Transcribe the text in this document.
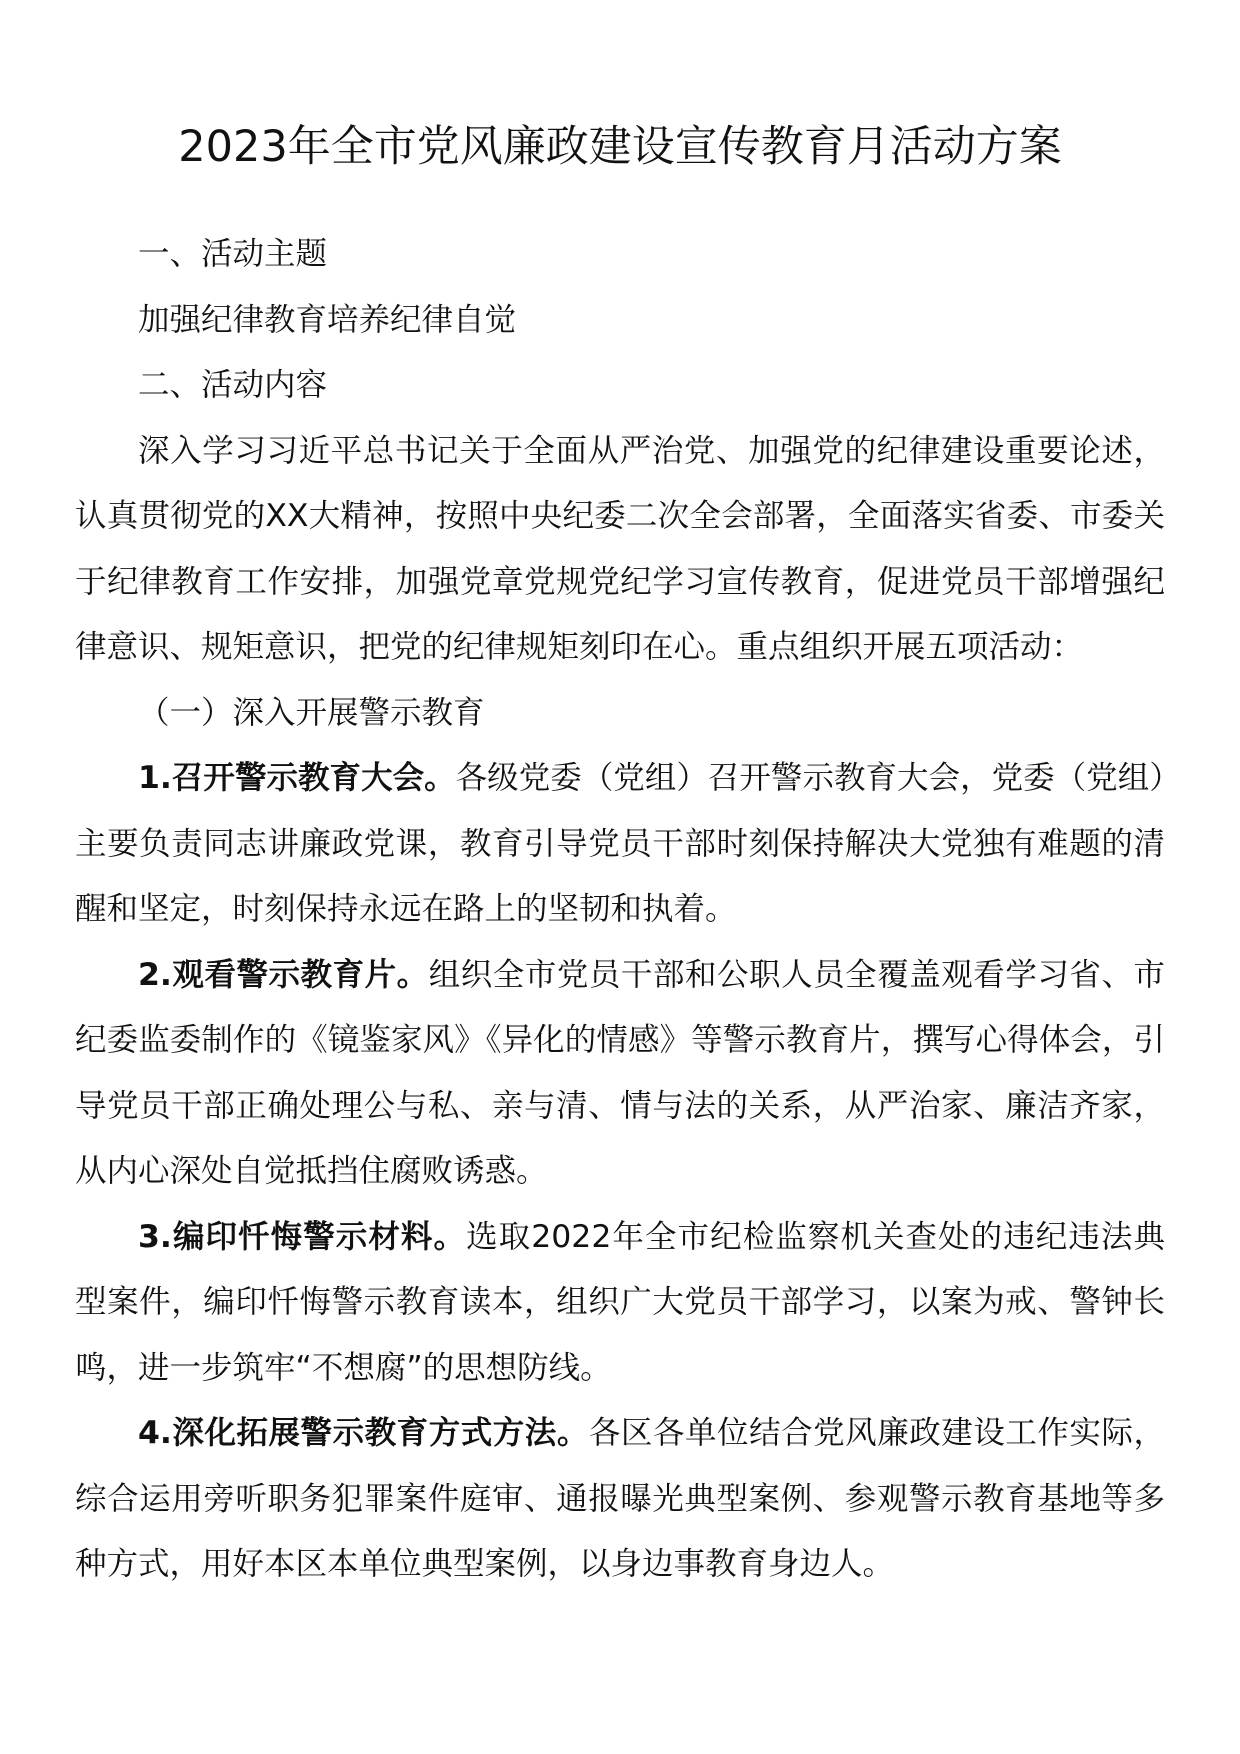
2023年全市党风廉政建设宣传教育月活动方案

一、活动主题

加强纪律教育培养纪律自觉

二、活动内容

深入学习习近平总书记关于全面从严治党、加强党的纪律建设重要论述，认真贯彻党的XX大精神，按照中央纪委二次全会部署，全面落实省委、市委关于纪律教育工作安排，加强党章党规党纪学习宣传教育，促进党员干部增强纪律意识、规矩意识，把党的纪律规矩刻印在心。重点组织开展五项活动：

（一）深入开展警示教育

1.召开警示教育大会。各级党委（党组）召开警示教育大会，党委（党组）主要负责同志讲廉政党课，教育引导党员干部时刻保持解决大党独有难题的清醒和坚定，时刻保持永远在路上的坚韧和执着。

2.观看警示教育片。组织全市党员干部和公职人员全覆盖观看学习省、市纪委监委制作的《镜鉴家风》《异化的情感》等警示教育片，撰写心得体会，引导党员干部正确处理公与私、亲与清、情与法的关系，从严治家、廉洁齐家，从内心深处自觉抵挡住腐败诱惑。

3.编印忏悔警示材料。选取2022年全市纪检监察机关查处的违纪违法典型案件，编印忏悔警示教育读本，组织广大党员干部学习，以案为戒、警钟长鸣，进一步筑牢“不想腐”的思想防线。

4.深化拓展警示教育方式方法。各区各单位结合党风廉政建设工作实际，综合运用旁听职务犯罪案件庭审、通报曝光典型案例、参观警示教育基地等多种方式，用好本区本单位典型案例，以身边事教育身边人。
